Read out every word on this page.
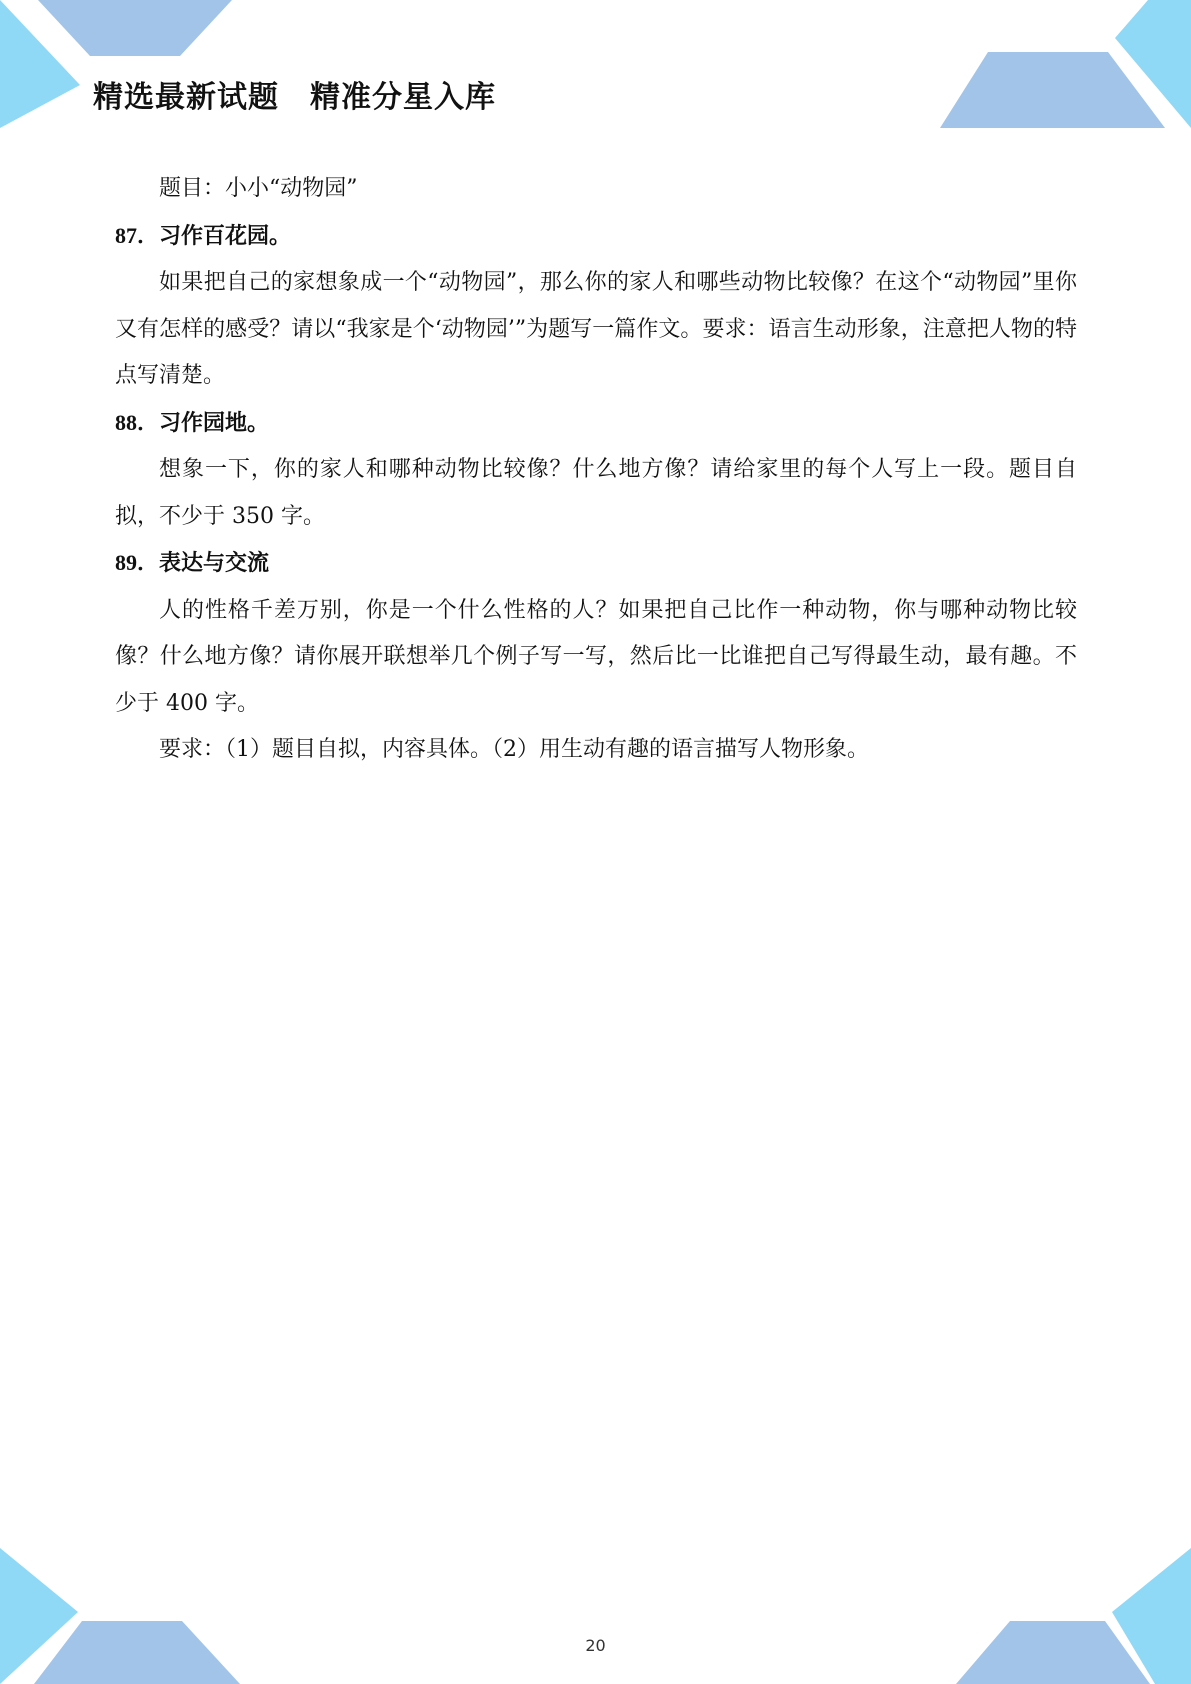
精选最新试题　精准分星入库

题目：小小“动物园”

87．习作百花园。

如果把自己的家想象成一个“动物园”，那么你的家人和哪些动物比较像？在这个“动物园”里你又有怎样的感受？请以“我家是个‘动物园’”为题写一篇作文。要求：语言生动形象，注意把人物的特点写清楚。

88．习作园地。

想象一下，你的家人和哪种动物比较像？什么地方像？请给家里的每个人写上一段。题目自拟，不少于 350 字。

89．表达与交流

人的性格千差万别，你是一个什么性格的人？如果把自己比作一种动物，你与哪种动物比较像？什么地方像？请你展开联想举几个例子写一写，然后比一比谁把自己写得最生动，最有趣。不少于 400 字。

要求：（1）题目自拟，内容具体。（2）用生动有趣的语言描写人物形象。

20
